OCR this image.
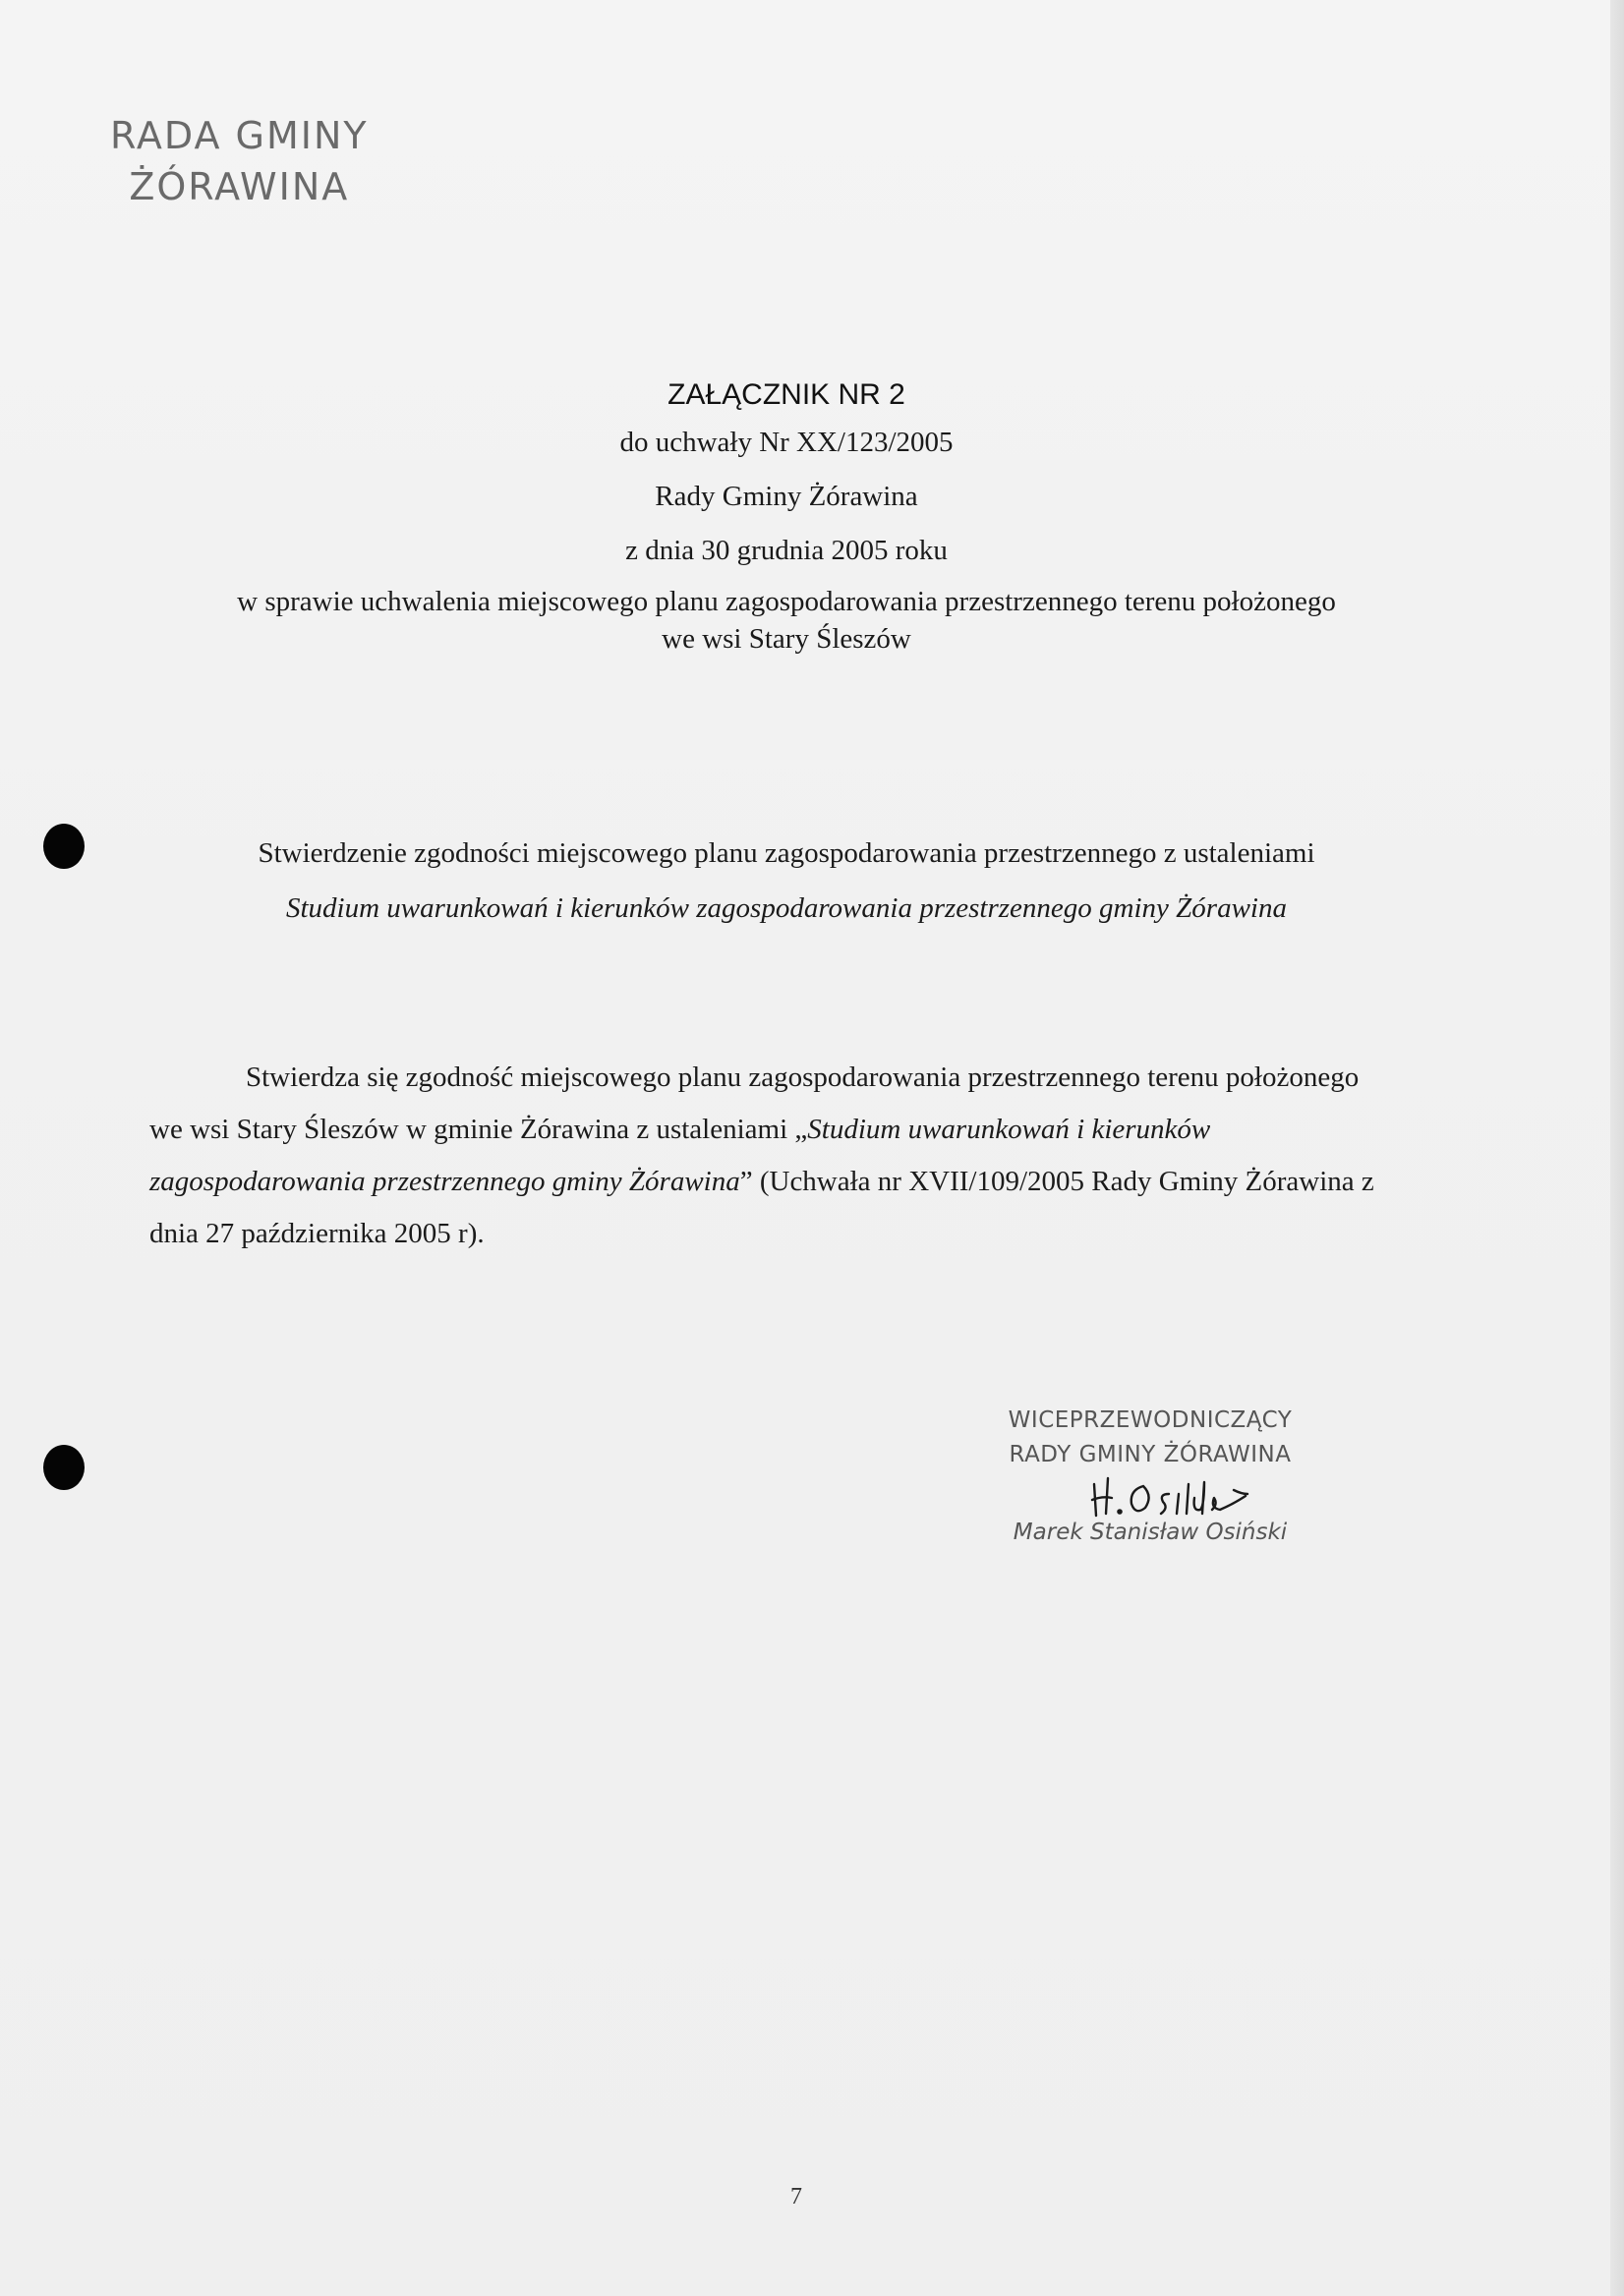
RADA GMINY
ŻÓRAWINA
ZAŁĄCZNIK NR 2
do uchwały Nr XX/123/2005
Rady Gminy Żórawina
z dnia 30 grudnia 2005 roku
w sprawie uchwalenia miejscowego planu zagospodarowania przestrzennego terenu położonego
we wsi Stary Śleszów
Stwierdzenie zgodności miejscowego planu zagospodarowania przestrzennego z ustaleniami
Studium uwarunkowań i kierunków zagospodarowania przestrzennego gminy Żórawina

Stwierdza się zgodność miejscowego planu zagospodarowania przestrzennego terenu położonego we wsi Stary Śleszów w gminie Żórawina z ustaleniami „Studium uwarunkowań i kierunków zagospodarowania przestrzennego gminy Żórawina” (Uchwała nr XVII/109/2005 Rady Gminy Żórawina z dnia 27 października 2005 r).

WICEPRZEWODNICZĄCY
RADY GMINY ŻÓRAWINA
Marek Stanisław Osiński
7
